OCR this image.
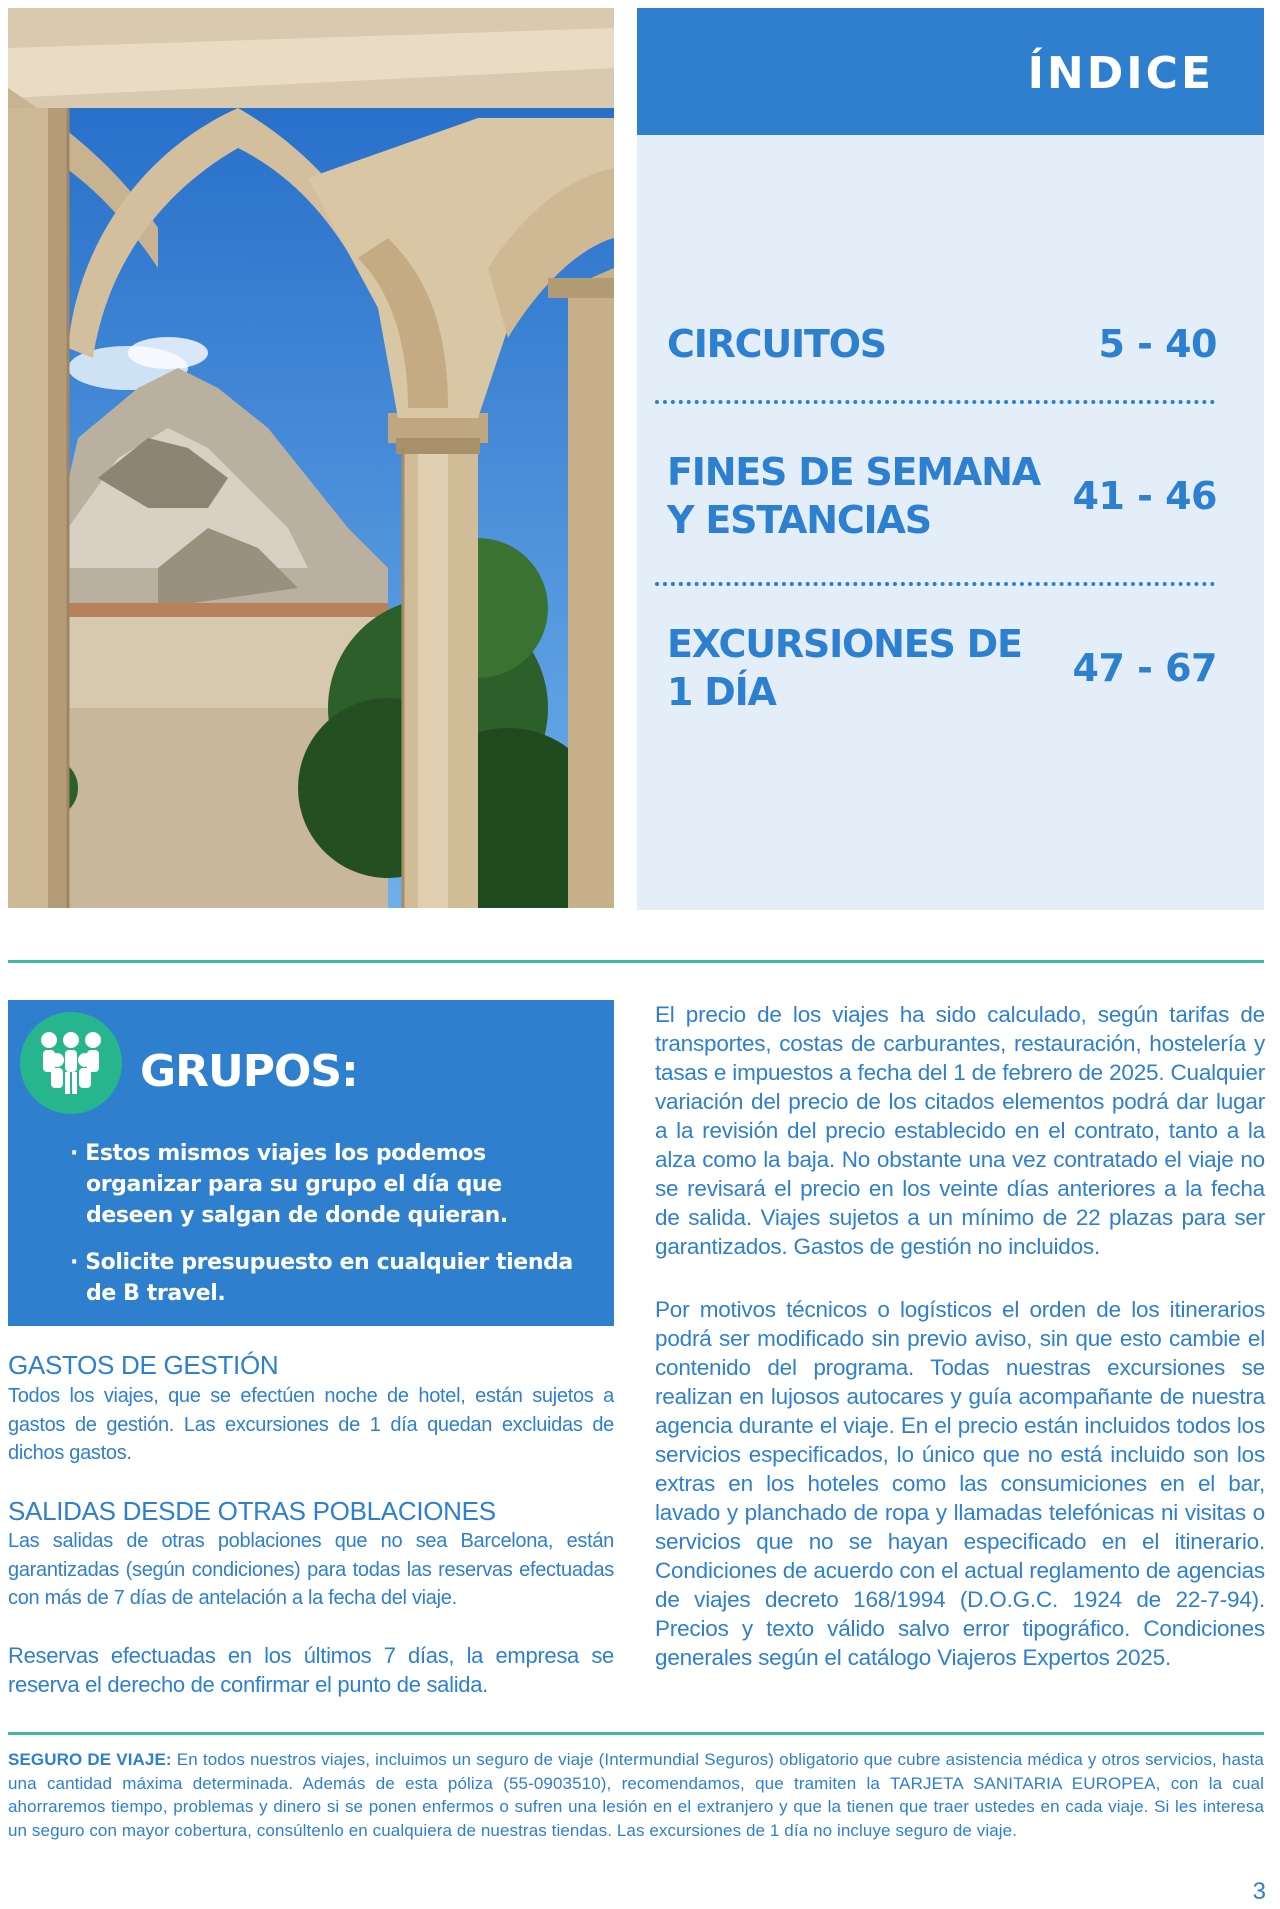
ÍNDICE
CIRCUITOS	5 - 40
FINES DE SEMANA
Y ESTANCIAS
41 - 46
EXCURSIONES DE
1 DÍA
47 - 67
GRUPOS:
· Estos mismos viajes los podemos organizar para su grupo el día que deseen y salgan de donde quieran.
· Solicite presupuesto en cualquier tienda de B travel.
GASTOS DE GESTIÓN
Todos los viajes, que se efectúen noche de hotel, están sujetos a gastos de gestión. Las excursiones de 1 día quedan excluidas de dichos gastos.
SALIDAS DESDE OTRAS POBLACIONES
Las salidas de otras poblaciones que no sea Barcelona, están garantizadas (según condiciones) para todas las reservas efectuadas con más de 7 días de antelación a la fecha del viaje.
Reservas efectuadas en los últimos 7 días, la empresa se reserva el derecho de confirmar el punto de salida.
El precio de los viajes ha sido calculado, según tarifas de transportes, costas de carburantes, restauración, hostelería y tasas e impuestos a fecha del 1 de febrero de 2025. Cualquier variación del precio de los citados elementos podrá dar lugar a la revisión del precio establecido en el contrato, tanto a la alza como la baja. No obstante una vez contratado el viaje no se revisará el precio en los veinte días anteriores a la fecha de salida. Viajes sujetos a un mínimo de 22 plazas para ser garantizados. Gastos de gestión no incluidos.
Por motivos técnicos o logísticos el orden de los itinerarios podrá ser modificado sin previo aviso, sin que esto cambie el contenido del programa. Todas nuestras excursiones se realizan en lujosos autocares y guía acompañante de nuestra agencia durante el viaje. En el precio están incluidos todos los servicios especificados, lo único que no está incluido son los extras en los hoteles como las consumiciones en el bar, lavado y planchado de ropa y llamadas telefónicas ni visitas o servicios que no se hayan especificado en el itinerario. Condiciones de acuerdo con el actual reglamento de agencias de viajes decreto 168/1994 (D.O.G.C. 1924 de 22-7-94). Precios y texto válido salvo error tipográfico. Condiciones generales según el catálogo Viajeros Expertos 2025.
SEGURO DE VIAJE: En todos nuestros viajes, incluimos un seguro de viaje (Intermundial Seguros) obligatorio que cubre asistencia médica y otros servicios, hasta una cantidad máxima determinada. Además de esta póliza (55-0903510), recomendamos, que tramiten la TARJETA SANITARIA EUROPEA, con la cual ahorraremos tiempo, problemas y dinero si se ponen enfermos o sufren una lesión en el extranjero y que la tienen que traer ustedes en cada viaje. Si les interesa un seguro con mayor cobertura, consúltenlo en cualquiera de nuestras tiendas. Las excursiones de 1 día no incluye seguro de viaje.
3
